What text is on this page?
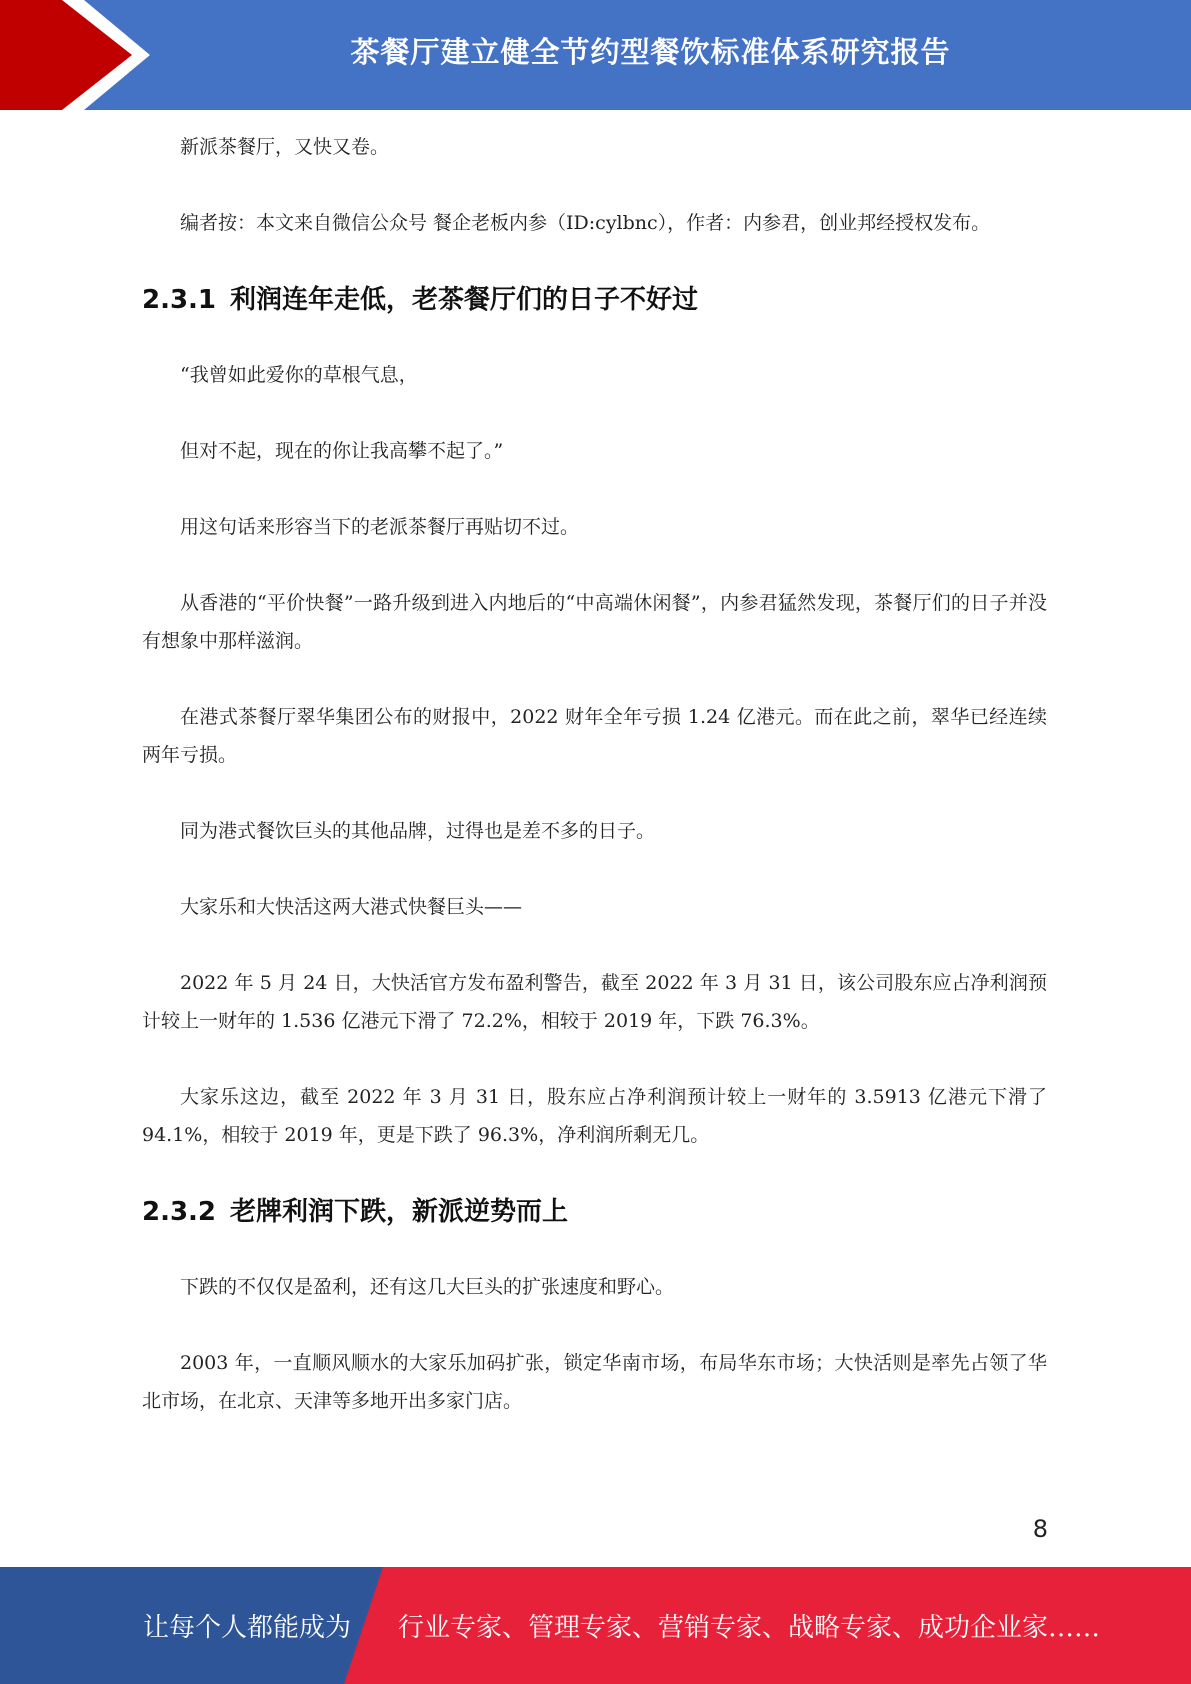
茶餐厅建立健全节约型餐饮标准体系研究报告

新派茶餐厅，又快又卷。

编者按：本文来自微信公众号 餐企老板内参（ID:cylbnc），作者：内参君，创业邦经授权发布。

2.3.1 利润连年走低，老茶餐厅们的日子不好过

“我曾如此爱你的草根气息，

但对不起，现在的你让我高攀不起了。”

用这句话来形容当下的老派茶餐厅再贴切不过。

从香港的“平价快餐”一路升级到进入内地后的“中高端休闲餐”，内参君猛然发现，茶餐厅们的日子并没有想象中那样滋润。

在港式茶餐厅翠华集团公布的财报中，2022 财年全年亏损 1.24 亿港元。而在此之前，翠华已经连续两年亏损。

同为港式餐饮巨头的其他品牌，过得也是差不多的日子。

大家乐和大快活这两大港式快餐巨头——

2022 年 5 月 24 日，大快活官方发布盈利警告，截至 2022 年 3 月 31 日，该公司股东应占净利润预计较上一财年的 1.536 亿港元下滑了 72.2%，相较于 2019 年，下跌 76.3%。

大家乐这边，截至 2022 年 3 月 31 日，股东应占净利润预计较上一财年的 3.5913 亿港元下滑了 94.1%，相较于 2019 年，更是下跌了 96.3%，净利润所剩无几。

2.3.2 老牌利润下跌，新派逆势而上

下跌的不仅仅是盈利，还有这几大巨头的扩张速度和野心。

2003 年，一直顺风顺水的大家乐加码扩张，锁定华南市场，布局华东市场；大快活则是率先占领了华北市场，在北京、天津等多地开出多家门店。

8
让每个人都能成为 行业专家、管理专家、营销专家、战略专家、成功企业家……
